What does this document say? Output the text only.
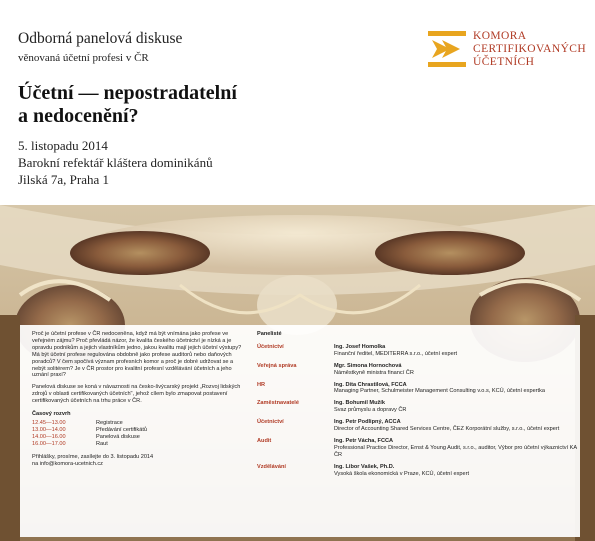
Odborná panelová diskuse
věnovaná účetní profesi v ČR
Účetní — nepostradatelní
a nedocenění?
5. listopadu 2014
Barokní refektář kláštera dominikánů
Jilská 7a, Praha 1
KOMORA
CERTIFIKOVANÝCH
ÚČETNÍCH

Proč je účetní profese v ČR nedoceněna, když má být vnímána jako profese ve veřejném zájmu? Proč převládá názor, že kvalita českého účetnictví je nízká a je opravdu podnikům a jejich vlastníkům jedno, jakou kvalitu mají jejich účetní výstupy? Má být účetní profese regulována obdobně jako profese auditorů nebo daňových poradců? V čem spočívá význam profesních komor a proč je dobré udržovat se a nebýt solitérem? Je v ČR prostor pro kvalitní profesní vzdělávání účetních a jeho uznání praxí?

Panelová diskuse se koná v návaznosti na česko-švýcarský projekt „Rozvoj lidských zdrojů v oblasti certifikovaných účetních", jehož cílem bylo zmapovat postavení certifikovaných účetních na trhu práce v ČR.

Časový rozvrh
12.45—13.00	Registrace
13.00—14.00	Předávání certifikátů
14.00—16.00	Panelová diskuse
16.00—17.00	Raut
Přihlášky, prosíme, zasílejte do 3. listopadu 2014
na info@komora-ucetnich.cz
Panelisté
Účetnictví	Ing. Josef Homolka
Finanční ředitel, MEDITERRA s.r.o., účetní expert
Veřejná správa	Mgr. Simona Hornochová
Náměstkyně ministra financí ČR
HR	Ing. Dita Chrastilová, FCCA
Managing Partner, Schulmeister Management Consulting v.o.s, KCÚ, účetní expertka
Zaměstnavatelé	Ing. Bohumil Mužík
Svaz průmyslu a dopravy ČR
Účetnictví	Ing. Petr Podlipný, ACCA
Director of Accounting Shared Services Centre, ČEZ Korporátní služby, s.r.o., účetní expert
Audit	Ing. Petr Vácha, FCCA
Professional Practice Director, Ernst & Young Audit, s.r.o., auditor, Výbor pro účetní výkaznictví KA ČR
Vzdělávání	Ing. Libor Vašek, Ph.D.
Vysoká škola ekonomická v Praze, KCÚ, účetní expert
